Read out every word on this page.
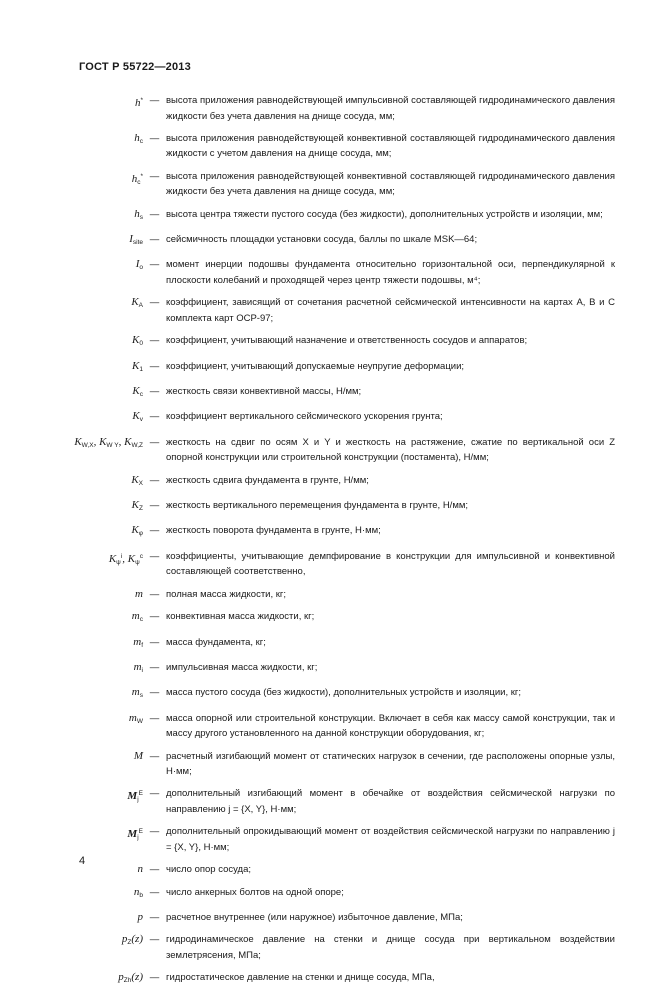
ГОСТ Р 55722—2013
h* — высота приложения равнодействующей импульсивной составляющей гидродинамического давления жидкости без учета давления на днище сосуда, мм;
$h_c$ — высота приложения равнодействующей конвективной составляющей гидродинамического давления жидкости с учетом давления на днище сосуда, мм;
$h_c^*$ — высота приложения равнодействующей конвективной составляющей гидродинамического давления жидкости без учета давления на днище сосуда, мм;
$h_s$ — высота центра тяжести пустого сосуда (без жидкости), дополнительных устройств и изоляции, мм;
$I_{site}$ — сейсмичность площадки установки сосуда, баллы по шкале MSK—64;
$I_o$ — момент инерции подошвы фундамента относительно горизонтальной оси, перпендикулярной к плоскости колебаний и проходящей через центр тяжести подошвы, м⁴;
$K_A$ — коэффициент, зависящий от сочетания расчетной сейсмической интенсивности на картах А, В и С комплекта карт ОСР-97;
$K_0$ — коэффициент, учитывающий назначение и ответственность сосудов и аппаратов;
$K_1$ — коэффициент, учитывающий допускаемые неупругие деформации;
$K_c$ — жесткость связи конвективной массы, Н/мм;
$K_v$ — коэффициент вертикального сейсмического ускорения грунта;
$K_{W,X}$, $K_{W Y}$, $K_{W,Z}$ — жесткость на сдвиг по осям X и Y и жесткость на растяжение, сжатие по вертикальной оси Z опорной конструкции или строительной конструкции (постамента), Н/мм;
$K_X$ — жесткость сдвига фундамента в грунте, Н/мм;
$K_Z$ — жесткость вертикального перемещения фундамента в грунте, Н/мм;
$K_\varphi$ — жесткость поворота фундамента в грунте, Н·мм;
$K_\psi^i$, $K_\psi^c$ — коэффициенты, учитывающие демпфирование в конструкции для импульсивной и конвективной составляющей соответственно,
m — полная масса жидкости, кг;
$m_c$ — конвективная масса жидкости, кг;
$m_f$ — масса фундамента, кг;
$m_i$ — импульсивная масса жидкости, кг;
$m_s$ — масса пустого сосуда (без жидкости), дополнительных устройств и изоляции, кг;
$m_W$ — масса опорной или строительной конструкции. Включает в себя как массу самой конструкции, так и массу другого установленного на данной конструкции оборудования, кг;
M — расчетный изгибающий момент от статических нагрузок в сечении, где расположены опорные узлы, Н·мм;
$M_j^E$ — дополнительный изгибающий момент в обечайке от воздействия сейсмической нагрузки по направлению j = {X, Y}, Н·мм;
$M_j^E$ — дополнительный опрокидывающий момент от воздействия сейсмической нагрузки по направлению j = {X, Y}, Н·мм;
n — число опор сосуда;
$n_b$ — число анкерных болтов на одной опоре;
p — расчетное внутреннее (или наружное) избыточное давление, МПа;
$p_Z(z)$ — гидродинамическое давление на стенки и днище сосуда при вертикальном воздействии землетрясения, МПа;
$p_{Zh}(z)$ — гидростатическое давление на стенки и днище сосуда, МПа,
4
